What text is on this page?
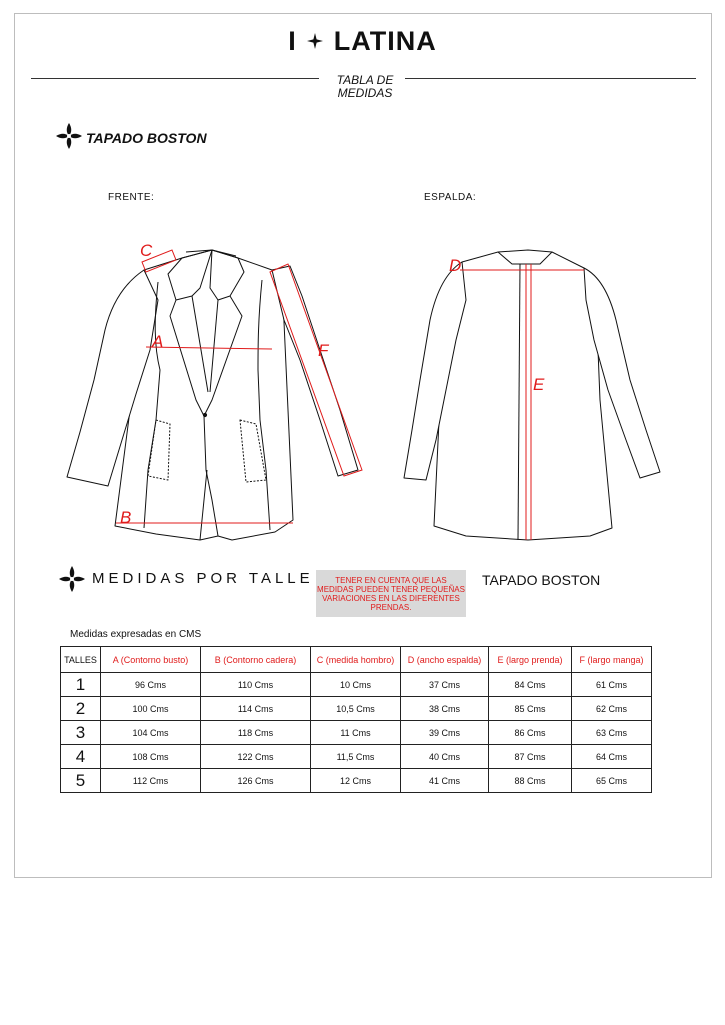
I LATINA
TABLA DE
MEDIDAS
TAPADO BOSTON
FRENTE:	ESPALDA:
C
A
B
F
D
E
MEDIDAS POR TALLE	TENER EN CUENTA QUE LAS MEDIDAS PUEDEN TENER PEQUEÑAS VARIACIONES EN LAS DIFERENTES PRENDAS.
TAPADO BOSTON
Medidas expresadas en CMS
TALLES	A (Contorno busto)	B (Contorno cadera)	C (medida hombro)	D (ancho espalda)	E (largo prenda)	F (largo manga)
1	96 Cms	110 Cms	10 Cms	37 Cms	84 Cms	61 Cms
2	100 Cms	114 Cms	10,5 Cms	38 Cms	85 Cms	62 Cms
3	104 Cms	118 Cms	11 Cms	39 Cms	86 Cms	63 Cms
4	108 Cms	122 Cms	11,5 Cms	40 Cms	87 Cms	64 Cms
5	112 Cms	126 Cms	12 Cms	41 Cms	88 Cms	65 Cms
